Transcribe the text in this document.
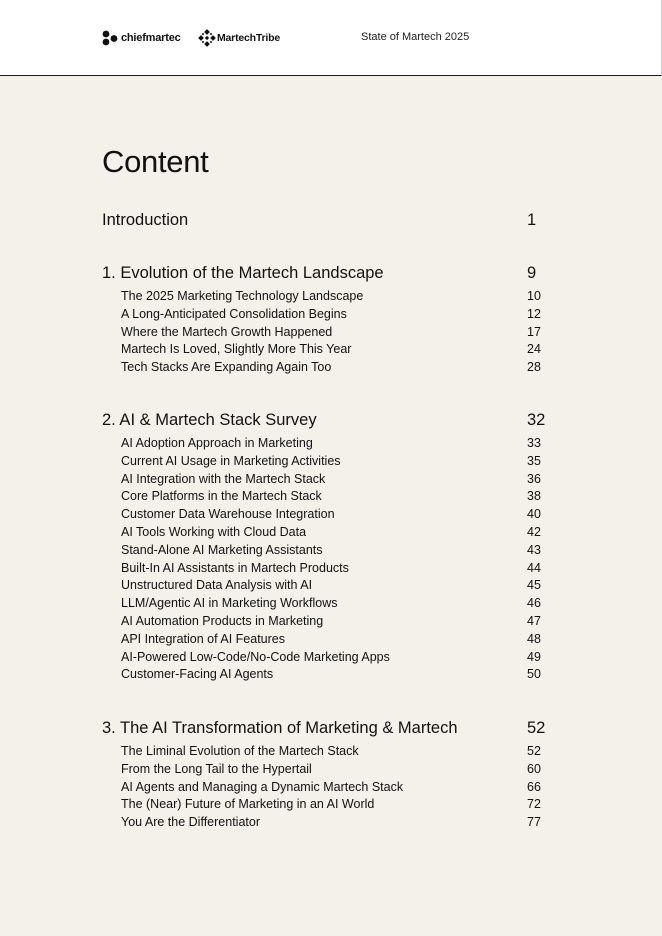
chiefmartec	MartechTribe	State of Martech 2025
Content
Introduction	1
1. Evolution of the Martech Landscape	9
The 2025 Marketing Technology Landscape	10
A Long-Anticipated Consolidation Begins	12
Where the Martech Growth Happened	17
Martech Is Loved, Slightly More This Year	24
Tech Stacks Are Expanding Again Too	28
2. AI & Martech Stack Survey	32
AI Adoption Approach in Marketing	33
Current AI Usage in Marketing Activities	35
AI Integration with the Martech Stack	36
Core Platforms in the Martech Stack	38
Customer Data Warehouse Integration	40
AI Tools Working with Cloud Data	42
Stand-Alone AI Marketing Assistants	43
Built-In AI Assistants in Martech Products	44
Unstructured Data Analysis with AI	45
LLM/Agentic AI in Marketing Workflows	46
AI Automation Products in Marketing	47
API Integration of AI Features	48
AI-Powered Low-Code/No-Code Marketing Apps	49
Customer-Facing AI Agents	50
3. The AI Transformation of Marketing & Martech	52
The Liminal Evolution of the Martech Stack	52
From the Long Tail to the Hypertail	60
AI Agents and Managing a Dynamic Martech Stack	66
The (Near) Future of Marketing in an AI World	72
You Are the Differentiator	77
